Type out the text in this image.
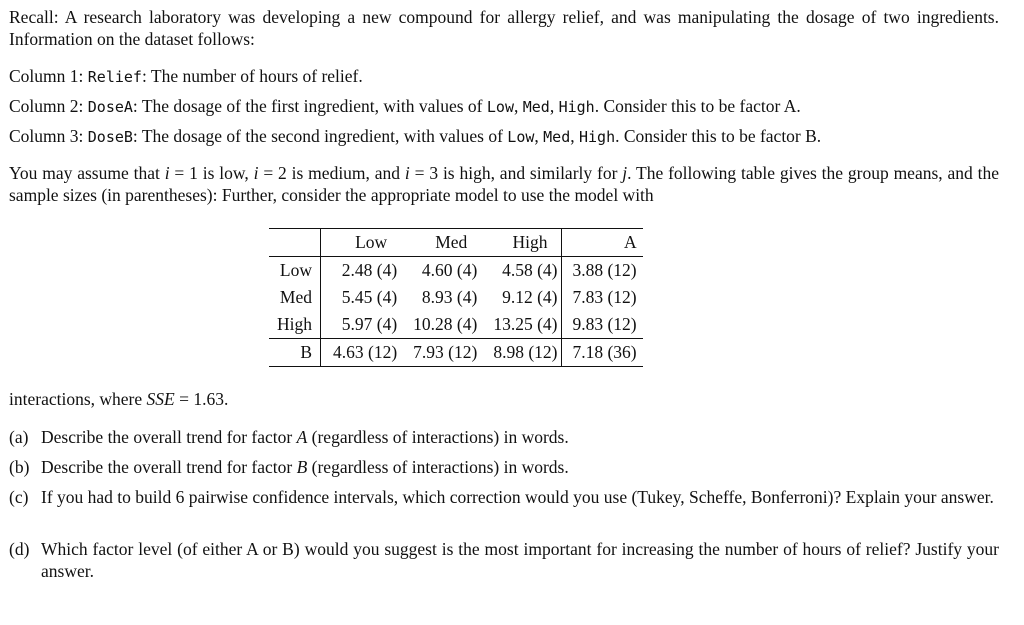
Recall: A research laboratory was developing a new compound for allergy relief, and was manipulating the dosage of two ingredients. Information on the dataset follows:

Column 1: Relief: The number of hours of relief.

Column 2: DoseA: The dosage of the first ingredient, with values of Low, Med, High. Consider this to be factor A.

Column 3: DoseB: The dosage of the second ingredient, with values of Low, Med, High. Consider this to be factor B.

You may assume that i = 1 is low, i = 2 is medium, and i = 3 is high, and similarly for j. The following table gives the group means, and the sample sizes (in parentheses): Further, consider the appropriate model to use the model with

	Low	Med	High	A
Low	2.48 (4)	4.60 (4)	4.58 (4)	3.88 (12)
Med	5.45 (4)	8.93 (4)	9.12 (4)	7.83 (12)
High	5.97 (4)	10.28 (4)	13.25 (4)	9.83 (12)
B	4.63 (12)	7.93 (12)	8.98 (12)	7.18 (36)

interactions, where SSE = 1.63.

(a) Describe the overall trend for factor A (regardless of interactions) in words.
(b) Describe the overall trend for factor B (regardless of interactions) in words.
(c) If you had to build 6 pairwise confidence intervals, which correction would you use (Tukey, Scheffe, Bonferroni)? Explain your answer.
(d) Which factor level (of either A or B) would you suggest is the most important for increasing the number of hours of relief? Justify your answer.
